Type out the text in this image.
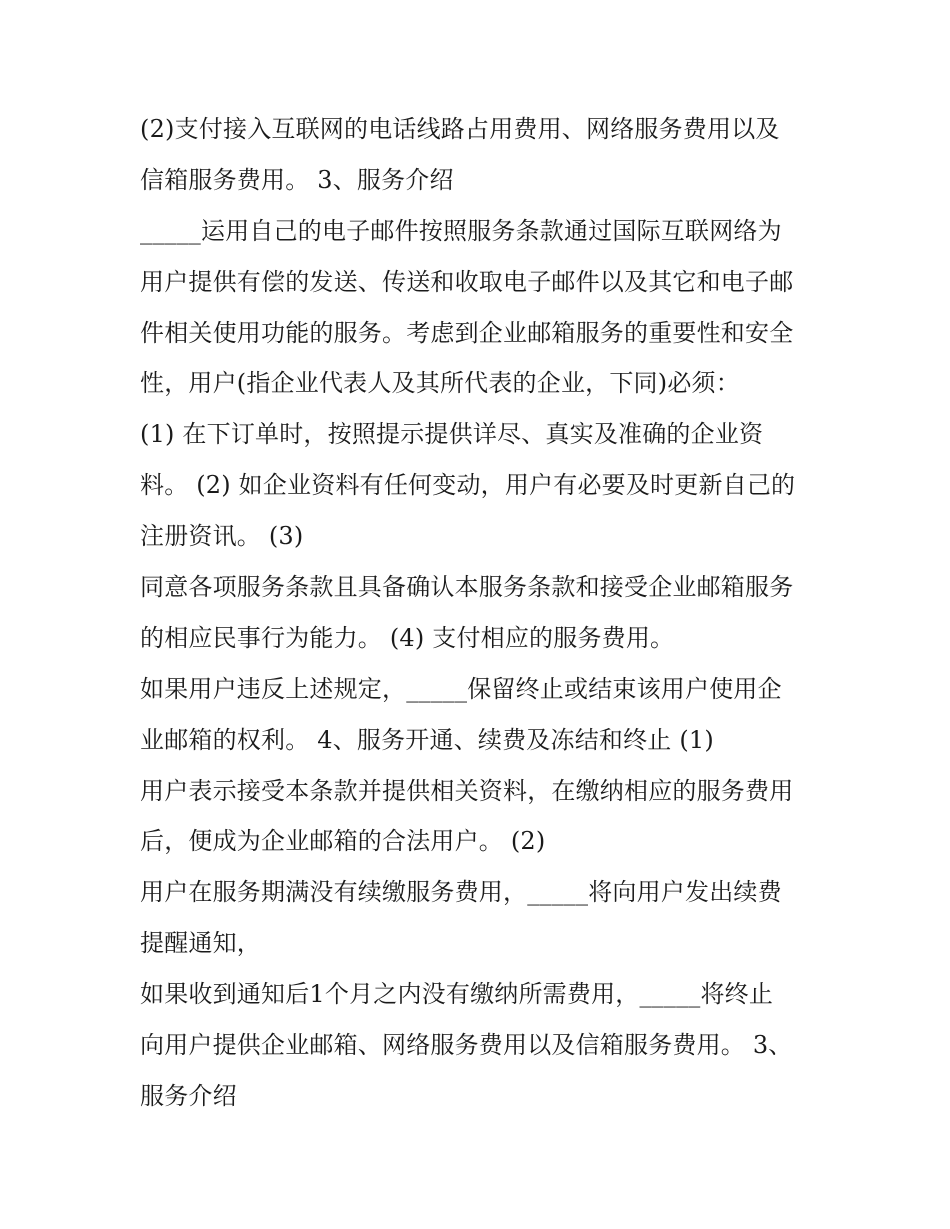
(2)支付接入互联网的电话线路占用费用、网络服务费用以及
信箱服务费用。 3、服务介绍
_____运用自己的电子邮件按照服务条款通过国际互联网络为
用户提供有偿的发送、传送和收取电子邮件以及其它和电子邮
件相关使用功能的服务。考虑到企业邮箱服务的重要性和安全
性，用户(指企业代表人及其所代表的企业，下同)必须：
(1) 在下订单时，按照提示提供详尽、真实及准确的企业资
料。 (2) 如企业资料有任何变动，用户有必要及时更新自己的
注册资讯。 (3)
同意各项服务条款且具备确认本服务条款和接受企业邮箱服务
的相应民事行为能力。 (4) 支付相应的服务费用。
如果用户违反上述规定，_____保留终止或结束该用户使用企
业邮箱的权利。 4、服务开通、续费及冻结和终止 (1)
用户表示接受本条款并提供相关资料，在缴纳相应的服务费用
后，便成为企业邮箱的合法用户。 (2)
用户在服务期满没有续缴服务费用，_____将向用户发出续费
提醒通知，
如果收到通知后1个月之内没有缴纳所需费用，_____将终止
向用户提供企业邮箱、网络服务费用以及信箱服务费用。 3、
服务介绍
